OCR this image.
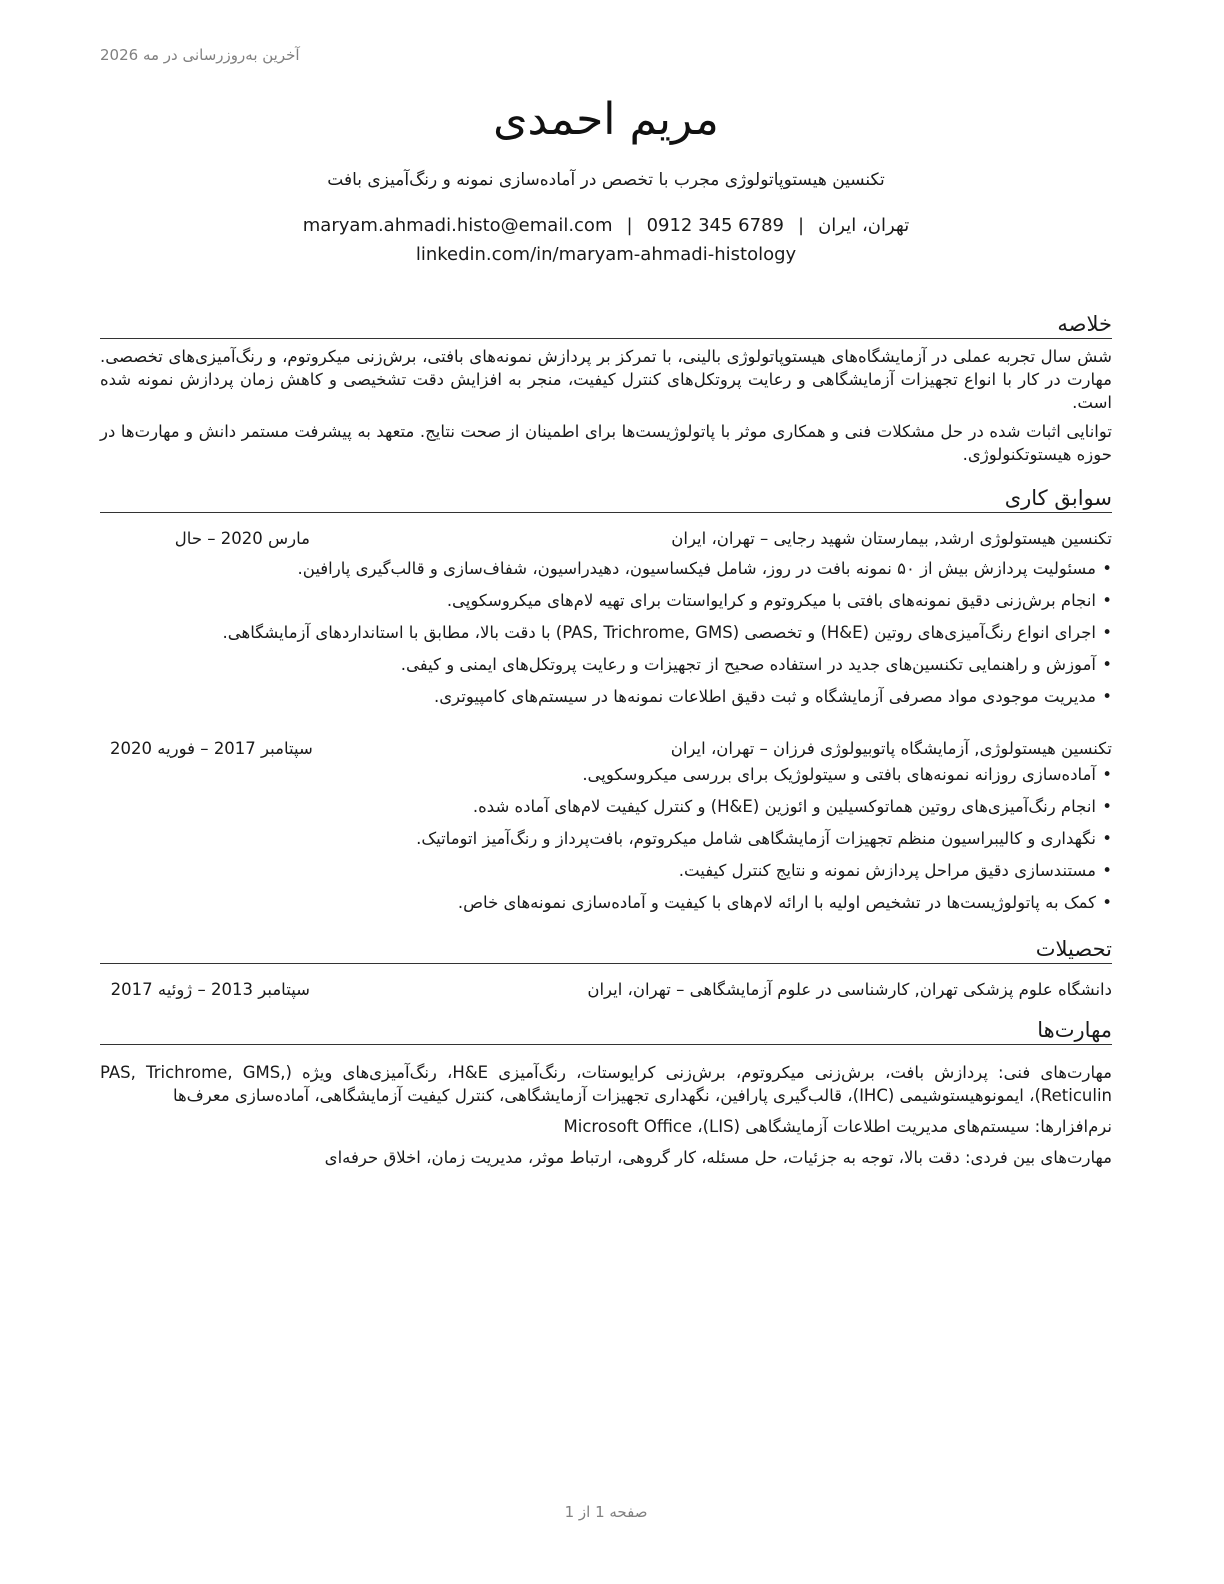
آخرین به‌روزرسانی در مه 2026
مریم احمدی
تکنسین هیستوپاتولوژی مجرب با تخصص در آماده‌سازی نمونه و رنگ‌آمیزی بافت
تهران، ایران|maryam.ahmadi.histo@email.com | 0912 345 6789
linkedin.com/in/maryam-ahmadi-histology
خلاصه

شش سال تجربه عملی در آزمایشگاه‌های هیستوپاتولوژی بالینی، با تمرکز بر پردازش نمونه‌های بافتی، برش‌زنی میکروتوم، و رنگ‌آمیزی‌های تخصصی. مهارت در کار با انواع تجهیزات آزمایشگاهی و رعایت پروتکل‌های کنترل کیفیت، منجر به افزایش دقت تشخیصی و کاهش زمان پردازش نمونه شده است.

توانایی اثبات شده در حل مشکلات فنی و همکاری موثر با پاتولوژیست‌ها برای اطمینان از صحت نتایج. متعهد به پیشرفت مستمر دانش و مهارت‌ها در حوزه هیستوتکنولوژی.

سوابق کاری
تکنسین هیستولوژی ارشد, بیمارستان شهید رجایی – تهران، ایران
مارس 2020 – حال
• مسئولیت پردازش بیش از ۵۰ نمونه بافت در روز، شامل فیکساسیون، دهیدراسیون، شفاف‌سازی و قالب‌گیری پارافین.
• انجام برش‌زنی دقیق نمونه‌های بافتی با میکروتوم و کرایواستات برای تهیه لام‌های میکروسکوپی.
• اجرای انواع رنگ‌آمیزی‌های روتین (H&E) و تخصصی (PAS, Trichrome, GMS) با دقت بالا، مطابق با استانداردهای آزمایشگاهی.
• آموزش و راهنمایی تکنسین‌های جدید در استفاده صحیح از تجهیزات و رعایت پروتکل‌های ایمنی و کیفی.
• مدیریت موجودی مواد مصرفی آزمایشگاه و ثبت دقیق اطلاعات نمونه‌ها در سیستم‌های کامپیوتری.
تکنسین هیستولوژی, آزمایشگاه پاتوبیولوژی فرزان – تهران، ایران
سپتامبر 2017 – فوریه 2020
• آماده‌سازی روزانه نمونه‌های بافتی و سیتولوژیک برای بررسی میکروسکوپی.
• انجام رنگ‌آمیزی‌های روتین هماتوکسیلین و ائوزین (H&E) و کنترل کیفیت لام‌های آماده شده.
• نگهداری و کالیبراسیون منظم تجهیزات آزمایشگاهی شامل میکروتوم، بافت‌پرداز و رنگ‌آمیز اتوماتیک.
• مستندسازی دقیق مراحل پردازش نمونه و نتایج کنترل کیفیت.
• کمک به پاتولوژیست‌ها در تشخیص اولیه با ارائه لام‌های با کیفیت و آماده‌سازی نمونه‌های خاص.
تحصیلات
دانشگاه علوم پزشکی تهران, کارشناسی در علوم آزمایشگاهی – تهران، ایران
سپتامبر 2013 – ژوئیه 2017
مهارت‌ها
مهارت‌های فنی: پردازش بافت، برش‌زنی میکروتوم، برش‌زنی کرایوستات، رنگ‌آمیزی H&E، رنگ‌آمیزی‌های ویژه (PAS, Trichrome, GMS, Reticulin)، ایمونوهیستوشیمی (IHC)، قالب‌گیری پارافین، نگهداری تجهیزات آزمایشگاهی، کنترل کیفیت آزمایشگاهی، آماده‌سازی معرف‌ها
نرم‌افزارها: سیستم‌های مدیریت اطلاعات آزمایشگاهی (LIS)، Microsoft Office
مهارت‌های بین فردی: دقت بالا، توجه به جزئیات، حل مسئله، کار گروهی، ارتباط موثر، مدیریت زمان، اخلاق حرفه‌ای
صفحه 1 از 1
